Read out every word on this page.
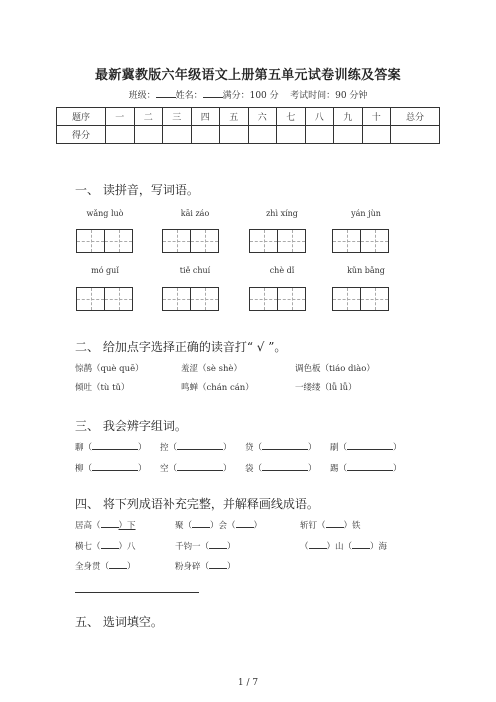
最新冀教版六年级语文上册第五单元试卷训练及答案
班级： 姓名： 满分：100 分 考试时间：90 分钟
题序	一	二	三	四	五	六	七	八	九	十	总分
得分											
一、 读拼音，写词语。
wǎng luò	kāi záo	zhì xíng	yán jùn
mó guǐ	tiě chuí	chè dǐ	kǔn bǎng
二、 给加点字选择正确的读音打“ √ ”。
惊鹊（què quē）	羞涩（sè shè）	调色板（tiáo diào）
倾吐（tù tǔ）	鸣蝉（chán cán）	一缕缕（lǚ lǚ）
三、 我会辨字组词。
聊（	） 控（	） 贷（	） 刷（	）
柳（	） 空（	） 袋（	） 踢（	）
四、 将下列成语补充完整，并解释画线成语。
居高（ ）下	聚（ ）会（ ）	斩钉（ ）铁
横七（ ）八	千钧一（ ）	（ ）山（ ）海
全身贯（ ）	粉身碎（ ）
五、 选词填空。
1 / 7
